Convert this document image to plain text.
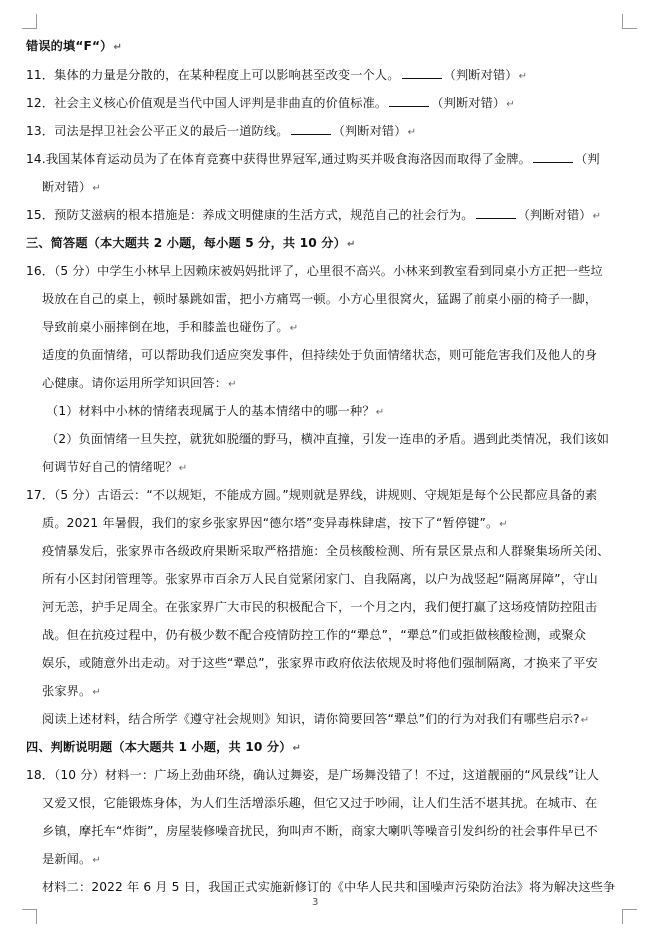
错误的填“F“）↵
11．集体的力量是分散的，在某种程度上可以影响甚至改变一个人。	（判断对错）↵
12．社会主义核心价值观是当代中国人评判是非曲直的价值标准。	（判断对错）↵
13．司法是捍卫社会公平正义的最后一道防线。	（判断对错）↵
14.我国某体育运动员为了在体育竞赛中获得世界冠军,通过购买并吸食海洛因而取得了金牌。	（判
断对错）↵
15．预防艾滋病的根本措施是：养成文明健康的生活方式，规范自己的社会行为。	（判断对错）↵
三、简答题（本大题共 2 小题，每小题 5 分，共 10 分）↵
16．（5 分）中学生小林早上因赖床被妈妈批评了，心里很不高兴。小林来到教室看到同桌小方正把一些垃
圾放在自己的桌上，顿时暴跳如雷，把小方痛骂一顿。小方心里很窝火，猛踢了前桌小丽的椅子一脚，
导致前桌小丽摔倒在地，手和膝盖也碰伤了。↵
适度的负面情绪，可以帮助我们适应突发事件，但持续处于负面情绪状态，则可能危害我们及他人的身
心健康。请你运用所学知识回答：↵
（1）材料中小林的情绪表现属于人的基本情绪中的哪一种？↵
（2）负面情绪一旦失控，就犹如脱缰的野马，横冲直撞，引发一连串的矛盾。遇到此类情况，我们该如
何调节好自己的情绪呢？↵
17．（5 分）古语云：“不以规矩，不能成方圆。”规则就是界线，讲规则、守规矩是每个公民都应具备的素
质。2021 年暑假，我们的家乡张家界因“德尔塔”变异毒株肆虐，按下了“暂停键”。↵
疫情暴发后，张家界市各级政府果断采取严格措施：全员核酸检测、所有景区景点和人群聚集场所关闭、
所有小区封闭管理等。张家界市百余万人民自觉紧闭家门、自我隔离，以户为战竖起“隔离屏障”，守山
河无恙，护手足周全。在张家界广大市民的积极配合下，一个月之内，我们便打赢了这场疫情防控阻击
战。但在抗疫过程中，仍有极少数不配合疫情防控工作的“犟总”，“犟总”们或拒做核酸检测，或聚众
娱乐，或随意外出走动。对于这些“犟总”，张家界市政府依法依规及时将他们强制隔离，才换来了平安
张家界。↵
阅读上述材料，结合所学《遵守社会规则》知识，请你简要回答“犟总”们的行为对我们有哪些启示?↵
四、判断说明题（本大题共 1 小题，共 10 分）↵
18．（10 分）材料一：广场上劲曲环绕，确认过舞姿，是广场舞没错了！不过，这道靓丽的“风景线”让人
又爱又恨，它能锻炼身体，为人们生活增添乐趣，但它又过于吵闹，让人们生活不堪其扰。在城市、在
乡镇，摩托车“炸街”，房屋装修噪音扰民，狗叫声不断，商家大喇叭等噪音引发纠纷的社会事件早已不
是新闻。↵
材料二：2022 年 6 月 5 日，我国正式实施新修订的《中华人民共和国噪声污染防治法》将为解决这些争
3
